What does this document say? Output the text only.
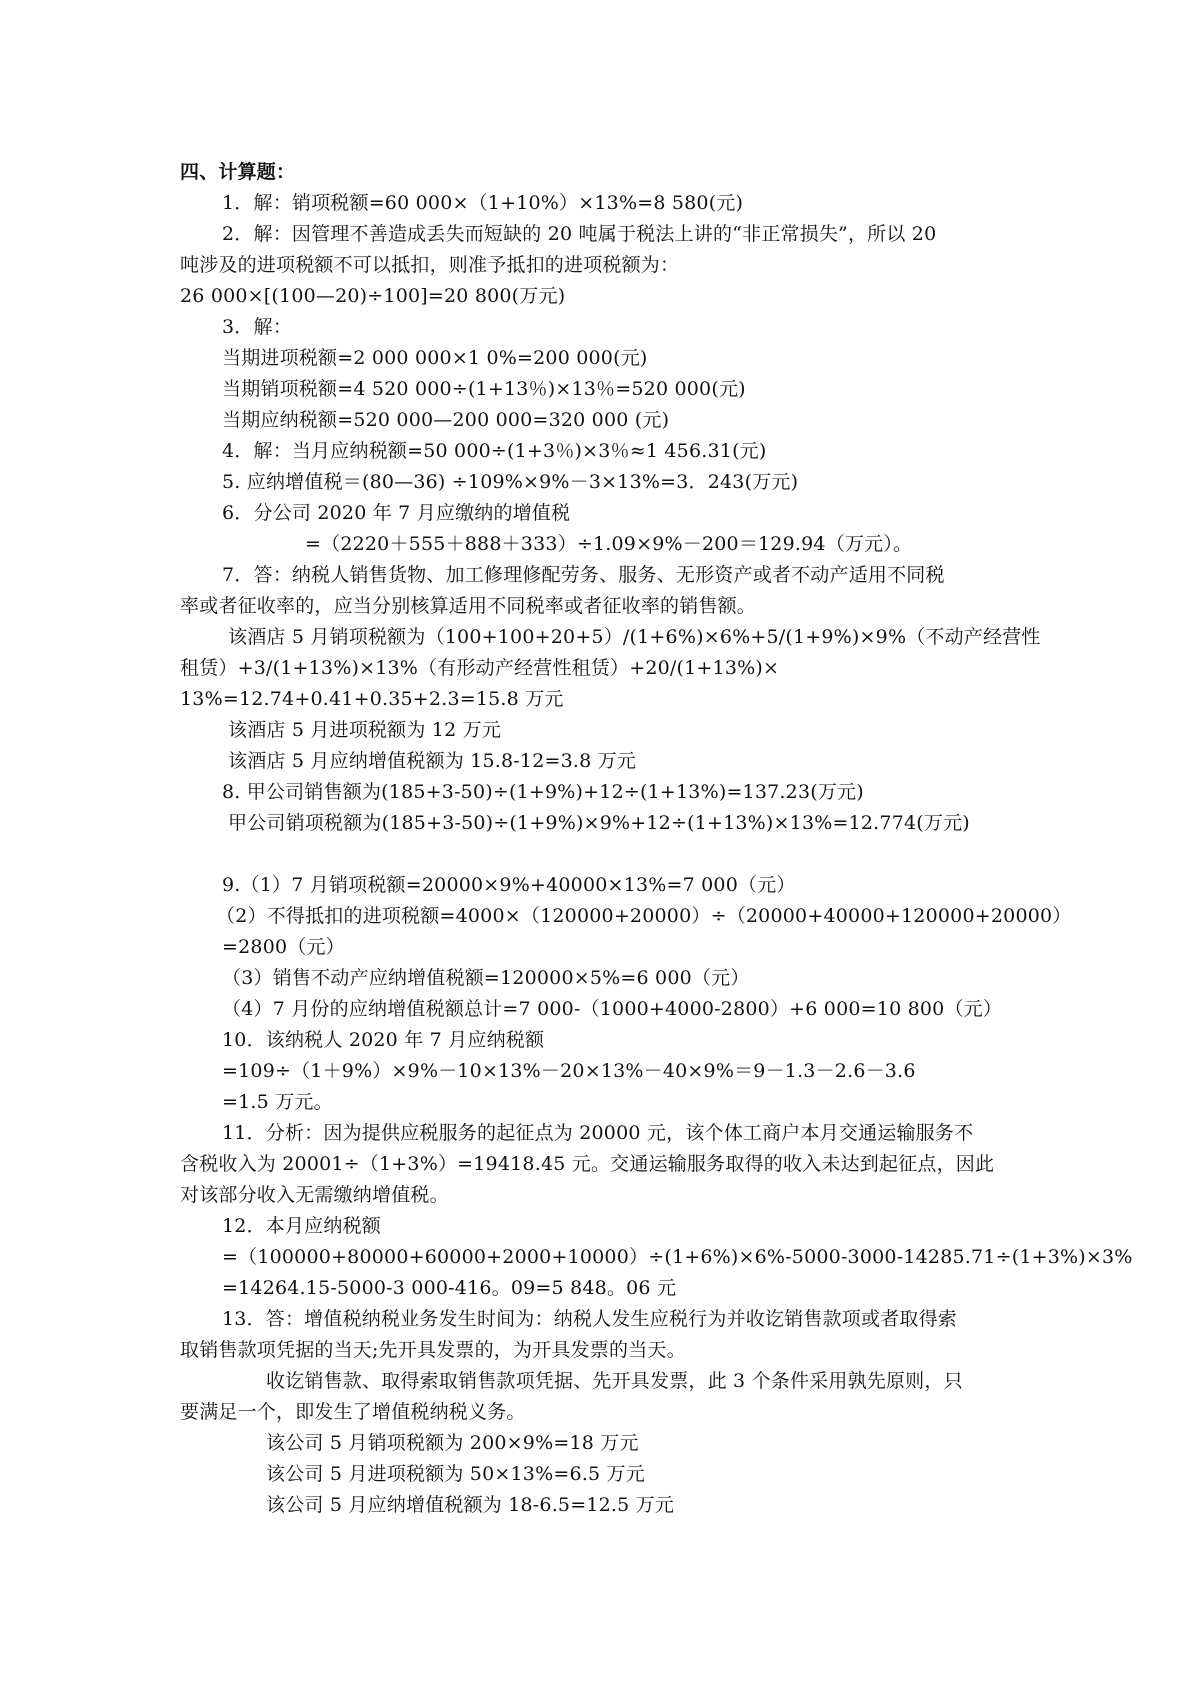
四、计算题：
1．解：销项税额=60 000×（1+10%）×13%=8 580(元)
2．解：因管理不善造成丢失而短缺的 20 吨属于税法上讲的“非正常损失”，所以 20
吨涉及的进项税额不可以抵扣，则准予抵扣的进项税额为：
26 000×[(100—20)÷100]=20 800(万元)
3．解：
当期进项税额=2 000 000×1 0%=200 000(元)
当期销项税额=4 520 000÷(1+13％)×13％=520 000(元)
当期应纳税额=520 000—200 000=320 000 (元)
4．解：当月应纳税额=50 000÷(1+3％)×3％≈1 456.31(元)
5. 应纳增值税＝(80—36) ÷109%×9%－3×13%=3．243(万元)
6．分公司 2020 年 7 月应缴纳的增值税
=（2220＋555＋888＋333）÷1.09×9%－200＝129.94（万元）。
7．答：纳税人销售货物、加工修理修配劳务、服务、无形资产或者不动产适用不同税
率或者征收率的，应当分别核算适用不同税率或者征收率的销售额。
该酒店 5 月销项税额为（100+100+20+5）/(1+6%)×6%+5/(1+9%)×9%（不动产经营性
租赁）+3/(1+13%)×13%（有形动产经营性租赁）+20/(1+13%)×
13%=12.74+0.41+0.35+2.3=15.8 万元
该酒店 5 月进项税额为 12 万元
该酒店 5 月应纳增值税额为 15.8-12=3.8 万元
8. 甲公司销售额为(185+3-50)÷(1+9%)+12÷(1+13%)=137.23(万元)
甲公司销项税额为(185+3-50)÷(1+9%)×9%+12÷(1+13%)×13%=12.774(万元)
9.（1）7 月销项税额=20000×9%+40000×13%=7 000（元）
（2）不得抵扣的进项税额=4000×（120000+20000）÷（20000+40000+120000+20000）
=2800（元）
（3）销售不动产应纳增值税额=120000×5%=6 000（元）
（4）7 月份的应纳增值税额总计=7 000-（1000+4000-2800）+6 000=10 800（元）
10．该纳税人 2020 年 7 月应纳税额
=109÷（1＋9%）×9%－10×13%－20×13%－40×9%＝9－1.3－2.6－3.6
=1.5 万元。
11．分析：因为提供应税服务的起征点为 20000 元，该个体工商户本月交通运输服务不
含税收入为 20001÷（1+3%）=19418.45 元。交通运输服务取得的收入未达到起征点，因此
对该部分收入无需缴纳增值税。
12．本月应纳税额
=（100000+80000+60000+2000+10000）÷(1+6%)×6%-5000-3000-14285.71÷(1+3%)×3%
=14264.15-5000-3 000-416。09=5 848。06 元
13．答：增值税纳税业务发生时间为：纳税人发生应税行为并收讫销售款项或者取得索
取销售款项凭据的当天;先开具发票的，为开具发票的当天。
收讫销售款、取得索取销售款项凭据、先开具发票，此 3 个条件采用孰先原则，只
要满足一个，即发生了增值税纳税义务。
该公司 5 月销项税额为 200×9%=18 万元
该公司 5 月进项税额为 50×13%=6.5 万元
该公司 5 月应纳增值税额为 18-6.5=12.5 万元
